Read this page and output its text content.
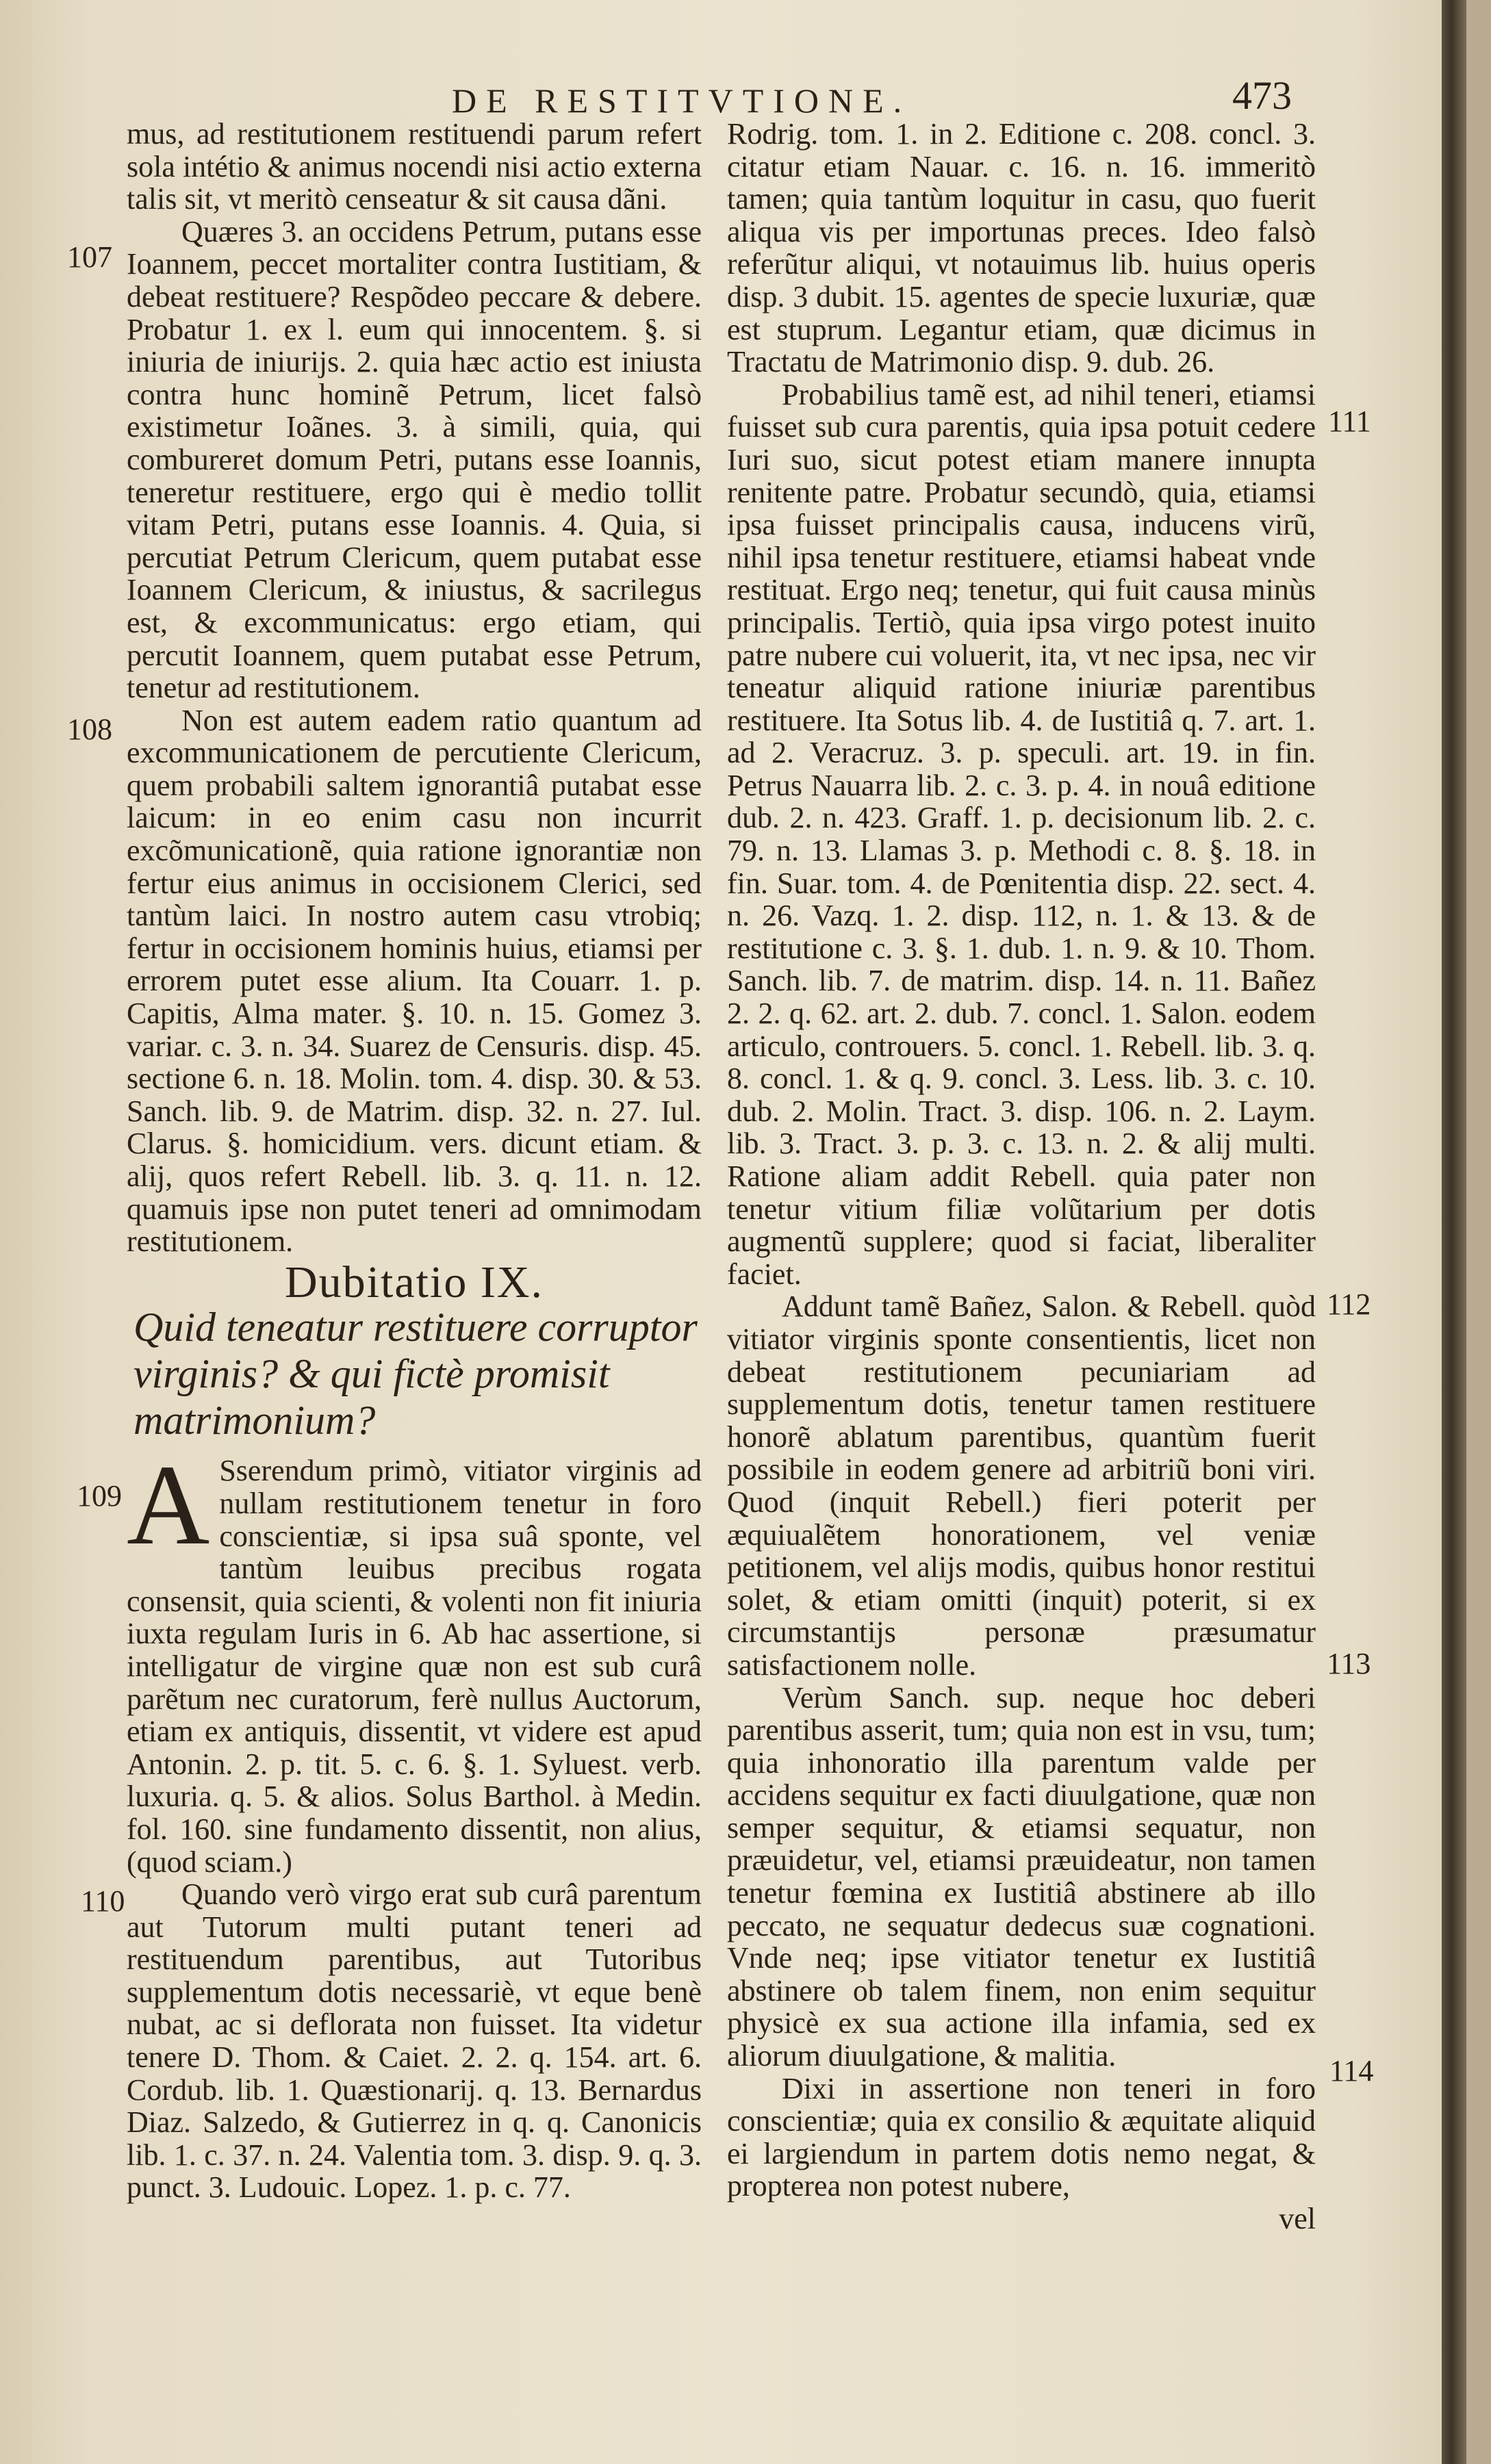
DE RESTITVTIONE.	473
107
108
109
110
111
112
113
114

mus, ad restitutionem restituendi parum refert sola intétio & animus nocendi nisi actio externa talis sit, vt meritò censeatur & sit causa dãni.

Quæres 3. an occidens Petrum, putans esse Ioannem, peccet mortaliter contra Iustitiam, & debeat restituere? Respõdeo peccare & debere. Probatur 1. ex l. eum qui innocentem. §. si iniuria de iniurijs. 2. quia hæc actio est iniusta contra hunc hominẽ Petrum, licet falsò existimetur Ioãnes. 3. à simili, quia, qui combureret domum Petri, putans esse Ioannis, teneretur restituere, ergo qui è medio tollit vitam Petri, putans esse Ioannis. 4. Quia, si percutiat Petrum Clericum, quem putabat esse Ioannem Clericum, & iniustus, & sacrilegus est, & excommunicatus: ergo etiam, qui percutit Ioannem, quem putabat esse Petrum, tenetur ad restitutionem.

Non est autem eadem ratio quantum ad excommunicationem de percutiente Clericum, quem probabili saltem ignorantiâ putabat esse laicum: in eo enim casu non incurrit excõmunicationẽ, quia ratione ignorantiæ non fertur eius animus in occisionem Clerici, sed tantùm laici. In nostro autem casu vtrobiq; fertur in occisionem hominis huius, etiamsi per errorem putet esse alium. Ita Couarr. 1. p. Capitis, Alma mater. §. 10. n. 15. Gomez 3. variar. c. 3. n. 34. Suarez de Censuris. disp. 45. sectione 6. n. 18. Molin. tom. 4. disp. 30. & 53. Sanch. lib. 9. de Matrim. disp. 32. n. 27. Iul. Clarus. §. homicidium. vers. dicunt etiam. & alij, quos refert Rebell. lib. 3. q. 11. n. 12. quamuis ipse non putet teneri ad omnimodam restitutionem.

Dubitatio IX.
Quid teneatur restituere corruptor virginis? & qui fictè promisit matrimonium?

A Sserendum primò, vitiator virginis ad nullam restitutionem tenetur in foro conscientiæ, si ipsa suâ sponte, vel tantùm leuibus precibus rogata consensit, quia scienti, & volenti non fit iniuria iuxta regulam Iuris in 6. Ab hac assertione, si intelligatur de virgine quæ non est sub curâ parẽtum nec curatorum, ferè nullus Auctorum, etiam ex antiquis, dissentit, vt videre est apud Antonin. 2. p. tit. 5. c. 6. §. 1. Syluest. verb. luxuria. q. 5. & alios. Solus Barthol. à Medin. fol. 160. sine fundamento dissentit, non alius, (quod sciam.)

Quando verò virgo erat sub curâ parentum aut Tutorum multi putant teneri ad restituendum parentibus, aut Tutoribus supplementum dotis necessariè, vt eque benè nubat, ac si deflorata non fuisset. Ita videtur tenere D. Thom. & Caiet. 2. 2. q. 154. art. 6. Cordub. lib. 1. Quæstionarij. q. 13. Bernardus Diaz. Salzedo, & Gutierrez in q. q. Canonicis lib. 1. c. 37. n. 24. Valentia tom. 3. disp. 9. q. 3. punct. 3. Ludouic. Lopez. 1. p. c. 77.

Rodrig. tom. 1. in 2. Editione c. 208. concl. 3. citatur etiam Nauar. c. 16. n. 16. immeritò tamen; quia tantùm loquitur in casu, quo fuerit aliqua vis per importunas preces. Ideo falsò referũtur aliqui, vt notauimus lib. huius operis disp. 3 dubit. 15. agentes de specie luxuriæ, quæ est stuprum. Legantur etiam, quæ dicimus in Tractatu de Matrimonio disp. 9. dub. 26.

Probabilius tamẽ est, ad nihil teneri, etiamsi fuisset sub cura parentis, quia ipsa potuit cedere Iuri suo, sicut potest etiam manere innupta renitente patre. Probatur secundò, quia, etiamsi ipsa fuisset principalis causa, inducens virũ, nihil ipsa tenetur restituere, etiamsi habeat vnde restituat. Ergo neq; tenetur, qui fuit causa minùs principalis. Tertiò, quia ipsa virgo potest inuito patre nubere cui voluerit, ita, vt nec ipsa, nec vir teneatur aliquid ratione iniuriæ parentibus restituere. Ita Sotus lib. 4. de Iustitiâ q. 7. art. 1. ad 2. Veracruz. 3. p. speculi. art. 19. in fin. Petrus Nauarra lib. 2. c. 3. p. 4. in nouâ editione dub. 2. n. 423. Graff. 1. p. decisionum lib. 2. c. 79. n. 13. Llamas 3. p. Methodi c. 8. §. 18. in fin. Suar. tom. 4. de Pœnitentia disp. 22. sect. 4. n. 26. Vazq. 1. 2. disp. 112, n. 1. & 13. & de restitutione c. 3. §. 1. dub. 1. n. 9. & 10. Thom. Sanch. lib. 7. de matrim. disp. 14. n. 11. Bañez 2. 2. q. 62. art. 2. dub. 7. concl. 1. Salon. eodem articulo, controuers. 5. concl. 1. Rebell. lib. 3. q. 8. concl. 1. & q. 9. concl. 3. Less. lib. 3. c. 10. dub. 2. Molin. Tract. 3. disp. 106. n. 2. Laym. lib. 3. Tract. 3. p. 3. c. 13. n. 2. & alij multi. Ratione aliam addit Rebell. quia pater non tenetur vitium filiæ volũtarium per dotis augmentũ supplere; quod si faciat, liberaliter faciet.

Addunt tamẽ Bañez, Salon. & Rebell. quòd vitiator virginis sponte consentientis, licet non debeat restitutionem pecuniariam ad supplementum dotis, tenetur tamen restituere honorẽ ablatum parentibus, quantùm fuerit possibile in eodem genere ad arbitriũ boni viri. Quod (inquit Rebell.) fieri poterit per æquiualẽtem honorationem, vel veniæ petitionem, vel alijs modis, quibus honor restitui solet, & etiam omitti (inquit) poterit, si ex circumstantijs personæ præsumatur satisfactionem nolle.

Verùm Sanch. sup. neque hoc deberi parentibus asserit, tum; quia non est in vsu, tum; quia inhonoratio illa parentum valde per accidens sequitur ex facti diuulgatione, quæ non semper sequitur, & etiamsi sequatur, non præuidetur, vel, etiamsi præuideatur, non tamen tenetur fœmina ex Iustitiâ abstinere ab illo peccato, ne sequatur dedecus suæ cognationi. Vnde neq; ipse vitiator tenetur ex Iustitiâ abstinere ob talem finem, non enim sequitur physicè ex sua actione illa infamia, sed ex aliorum diuulgatione, & malitia.

Dixi in assertione non teneri in foro conscientiæ; quia ex consilio & æquitate aliquid ei largiendum in partem dotis nemo negat, & propterea non potest nubere,

vel
